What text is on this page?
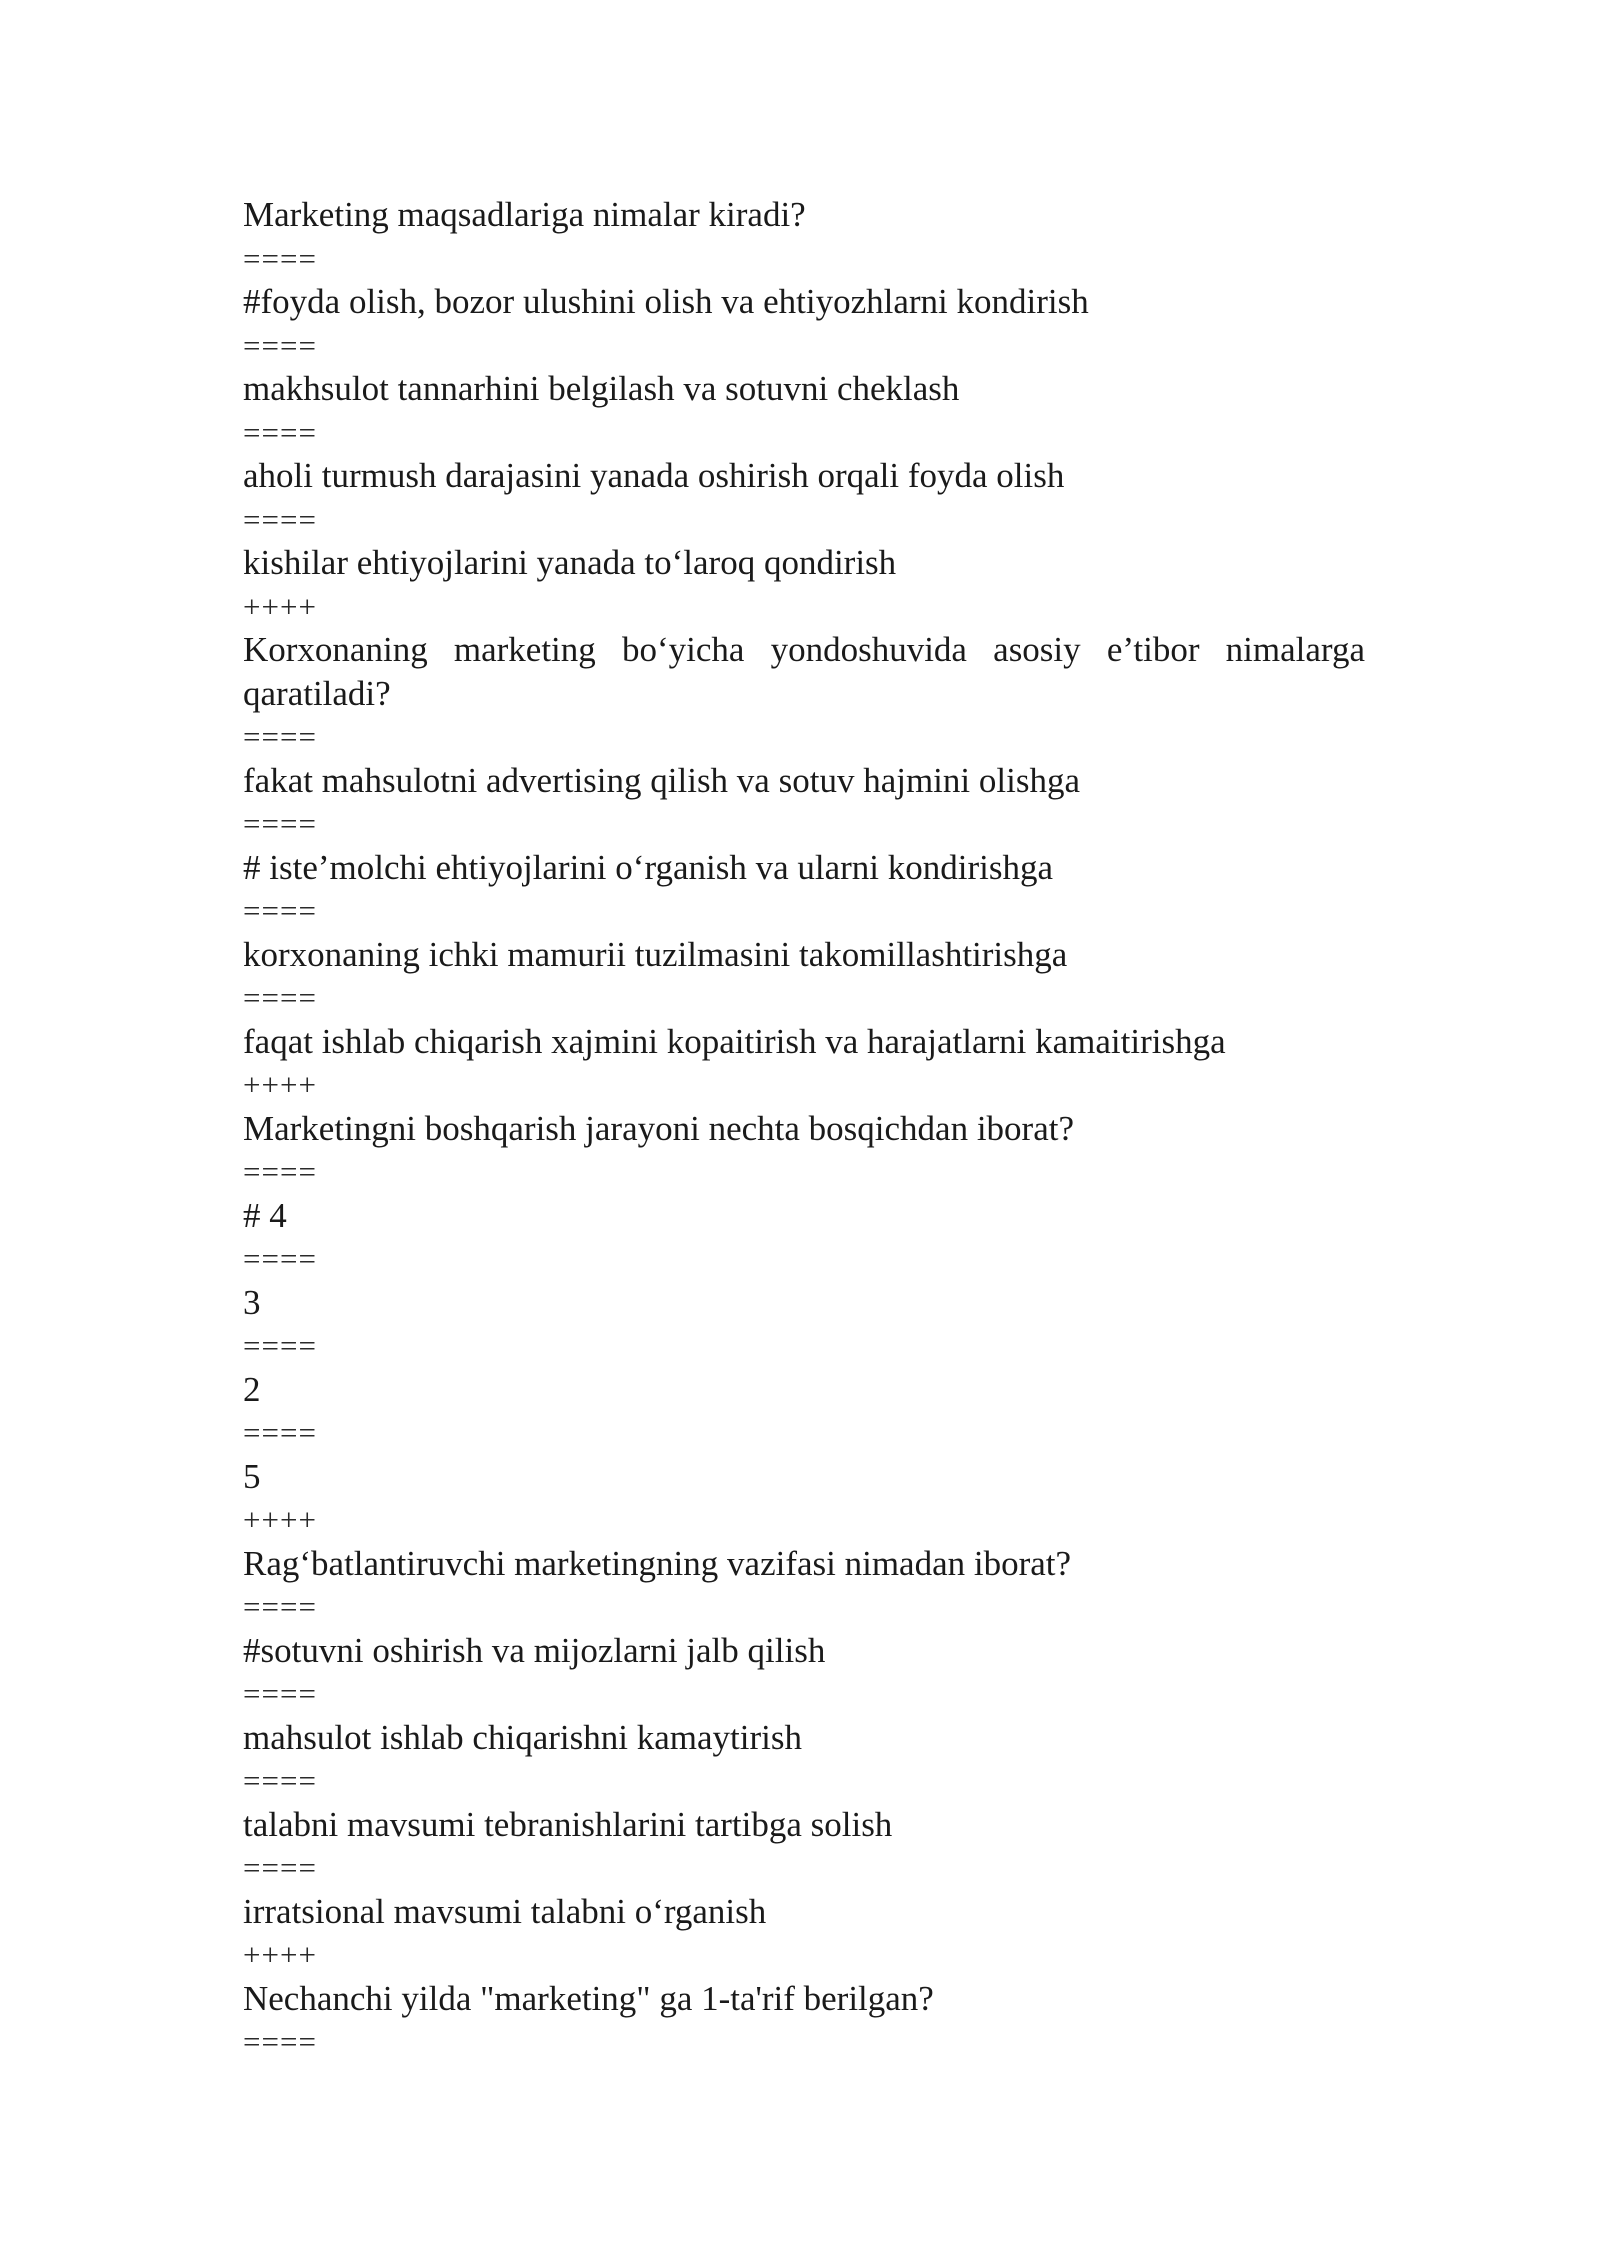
Marketing maqsadlariga nimalar kiradi?
====
#foyda olish, bozor ulushini olish va ehtiyozhlarni kondirish
====
makhsulot tannarhini belgilash va sotuvni cheklash
====
aholi turmush darajasini yanada oshirish orqali foyda olish
====
kishilar ehtiyojlarini yanada to‘laroq qondirish
++++
Korxonaning marketing bo‘yicha yondoshuvida asosiy e’tibor nimalarga qaratiladi?
====
fakat mahsulotni advertising qilish va sotuv hajmini olishga
====
# iste’molchi ehtiyojlarini o‘rganish va ularni kondirishga
====
korxonaning ichki mamurii tuzilmasini takomillashtirishga
====
faqat ishlab chiqarish xajmini kopaitirish va harajatlarni kamaitirishga
++++
Marketingni boshqarish jarayoni nechta bosqichdan iborat?
====
# 4
====
3
====
2
====
5
++++
Rag‘batlantiruvchi marketingning vazifasi nimadan iborat?
====
#sotuvni oshirish va mijozlarni jalb qilish
====
mahsulot ishlab chiqarishni kamaytirish
====
talabni mavsumi tebranishlarini tartibga solish
====
irratsional mavsumi talabni o‘rganish
++++
Nechanchi yilda "marketing" ga 1-ta'rif berilgan?
====
